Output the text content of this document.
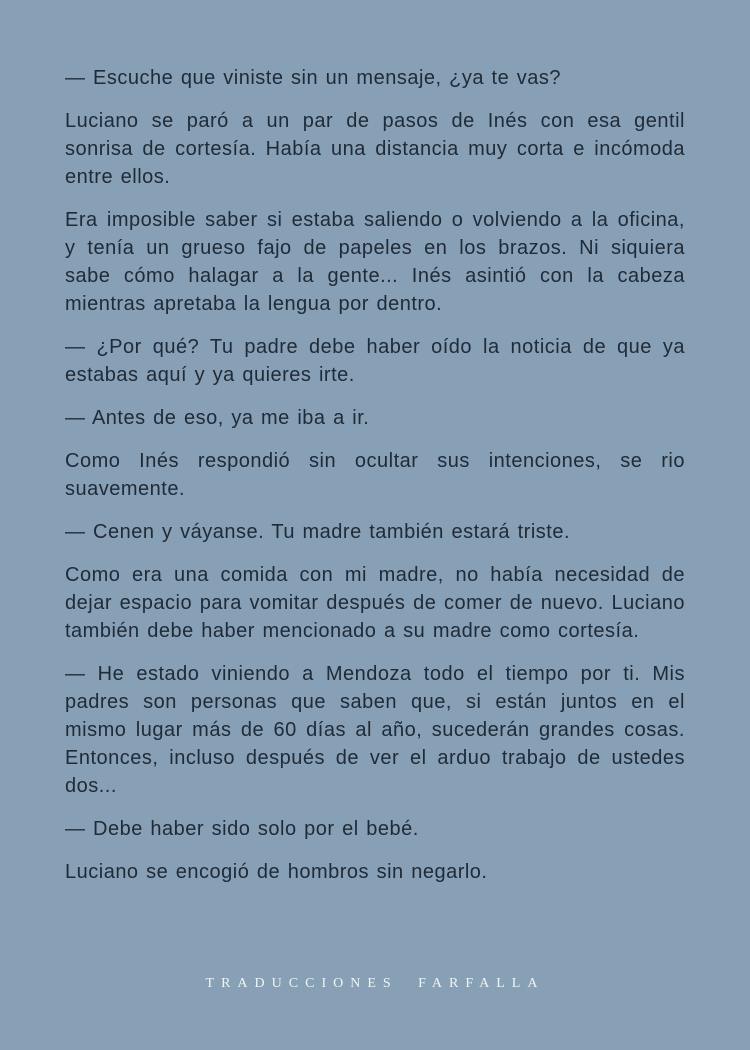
— Escuche que viniste sin un mensaje, ¿ya te vas?

Luciano se paró a un par de pasos de Inés con esa gentil sonrisa de cortesía. Había una distancia muy corta e incómoda entre ellos.

Era imposible saber si estaba saliendo o volviendo a la oficina, y tenía un grueso fajo de papeles en los brazos. Ni siquiera sabe cómo halagar a la gente... Inés asintió con la cabeza mientras apretaba la lengua por dentro.

— ¿Por qué? Tu padre debe haber oído la noticia de que ya estabas aquí y ya quieres irte.

— Antes de eso, ya me iba a ir.

Como Inés respondió sin ocultar sus intenciones, se rio suavemente.

— Cenen y váyanse. Tu madre también estará triste.

Como era una comida con mi madre, no había necesidad de dejar espacio para vomitar después de comer de nuevo. Luciano también debe haber mencionado a su madre como cortesía.

— He estado viniendo a Mendoza todo el tiempo por ti. Mis padres son personas que saben que, si están juntos en el mismo lugar más de 60 días al año, sucederán grandes cosas. Entonces, incluso después de ver el arduo trabajo de ustedes dos...

— Debe haber sido solo por el bebé.

Luciano se encogió de hombros sin negarlo.

TRADUCCIONES FARFALLA
